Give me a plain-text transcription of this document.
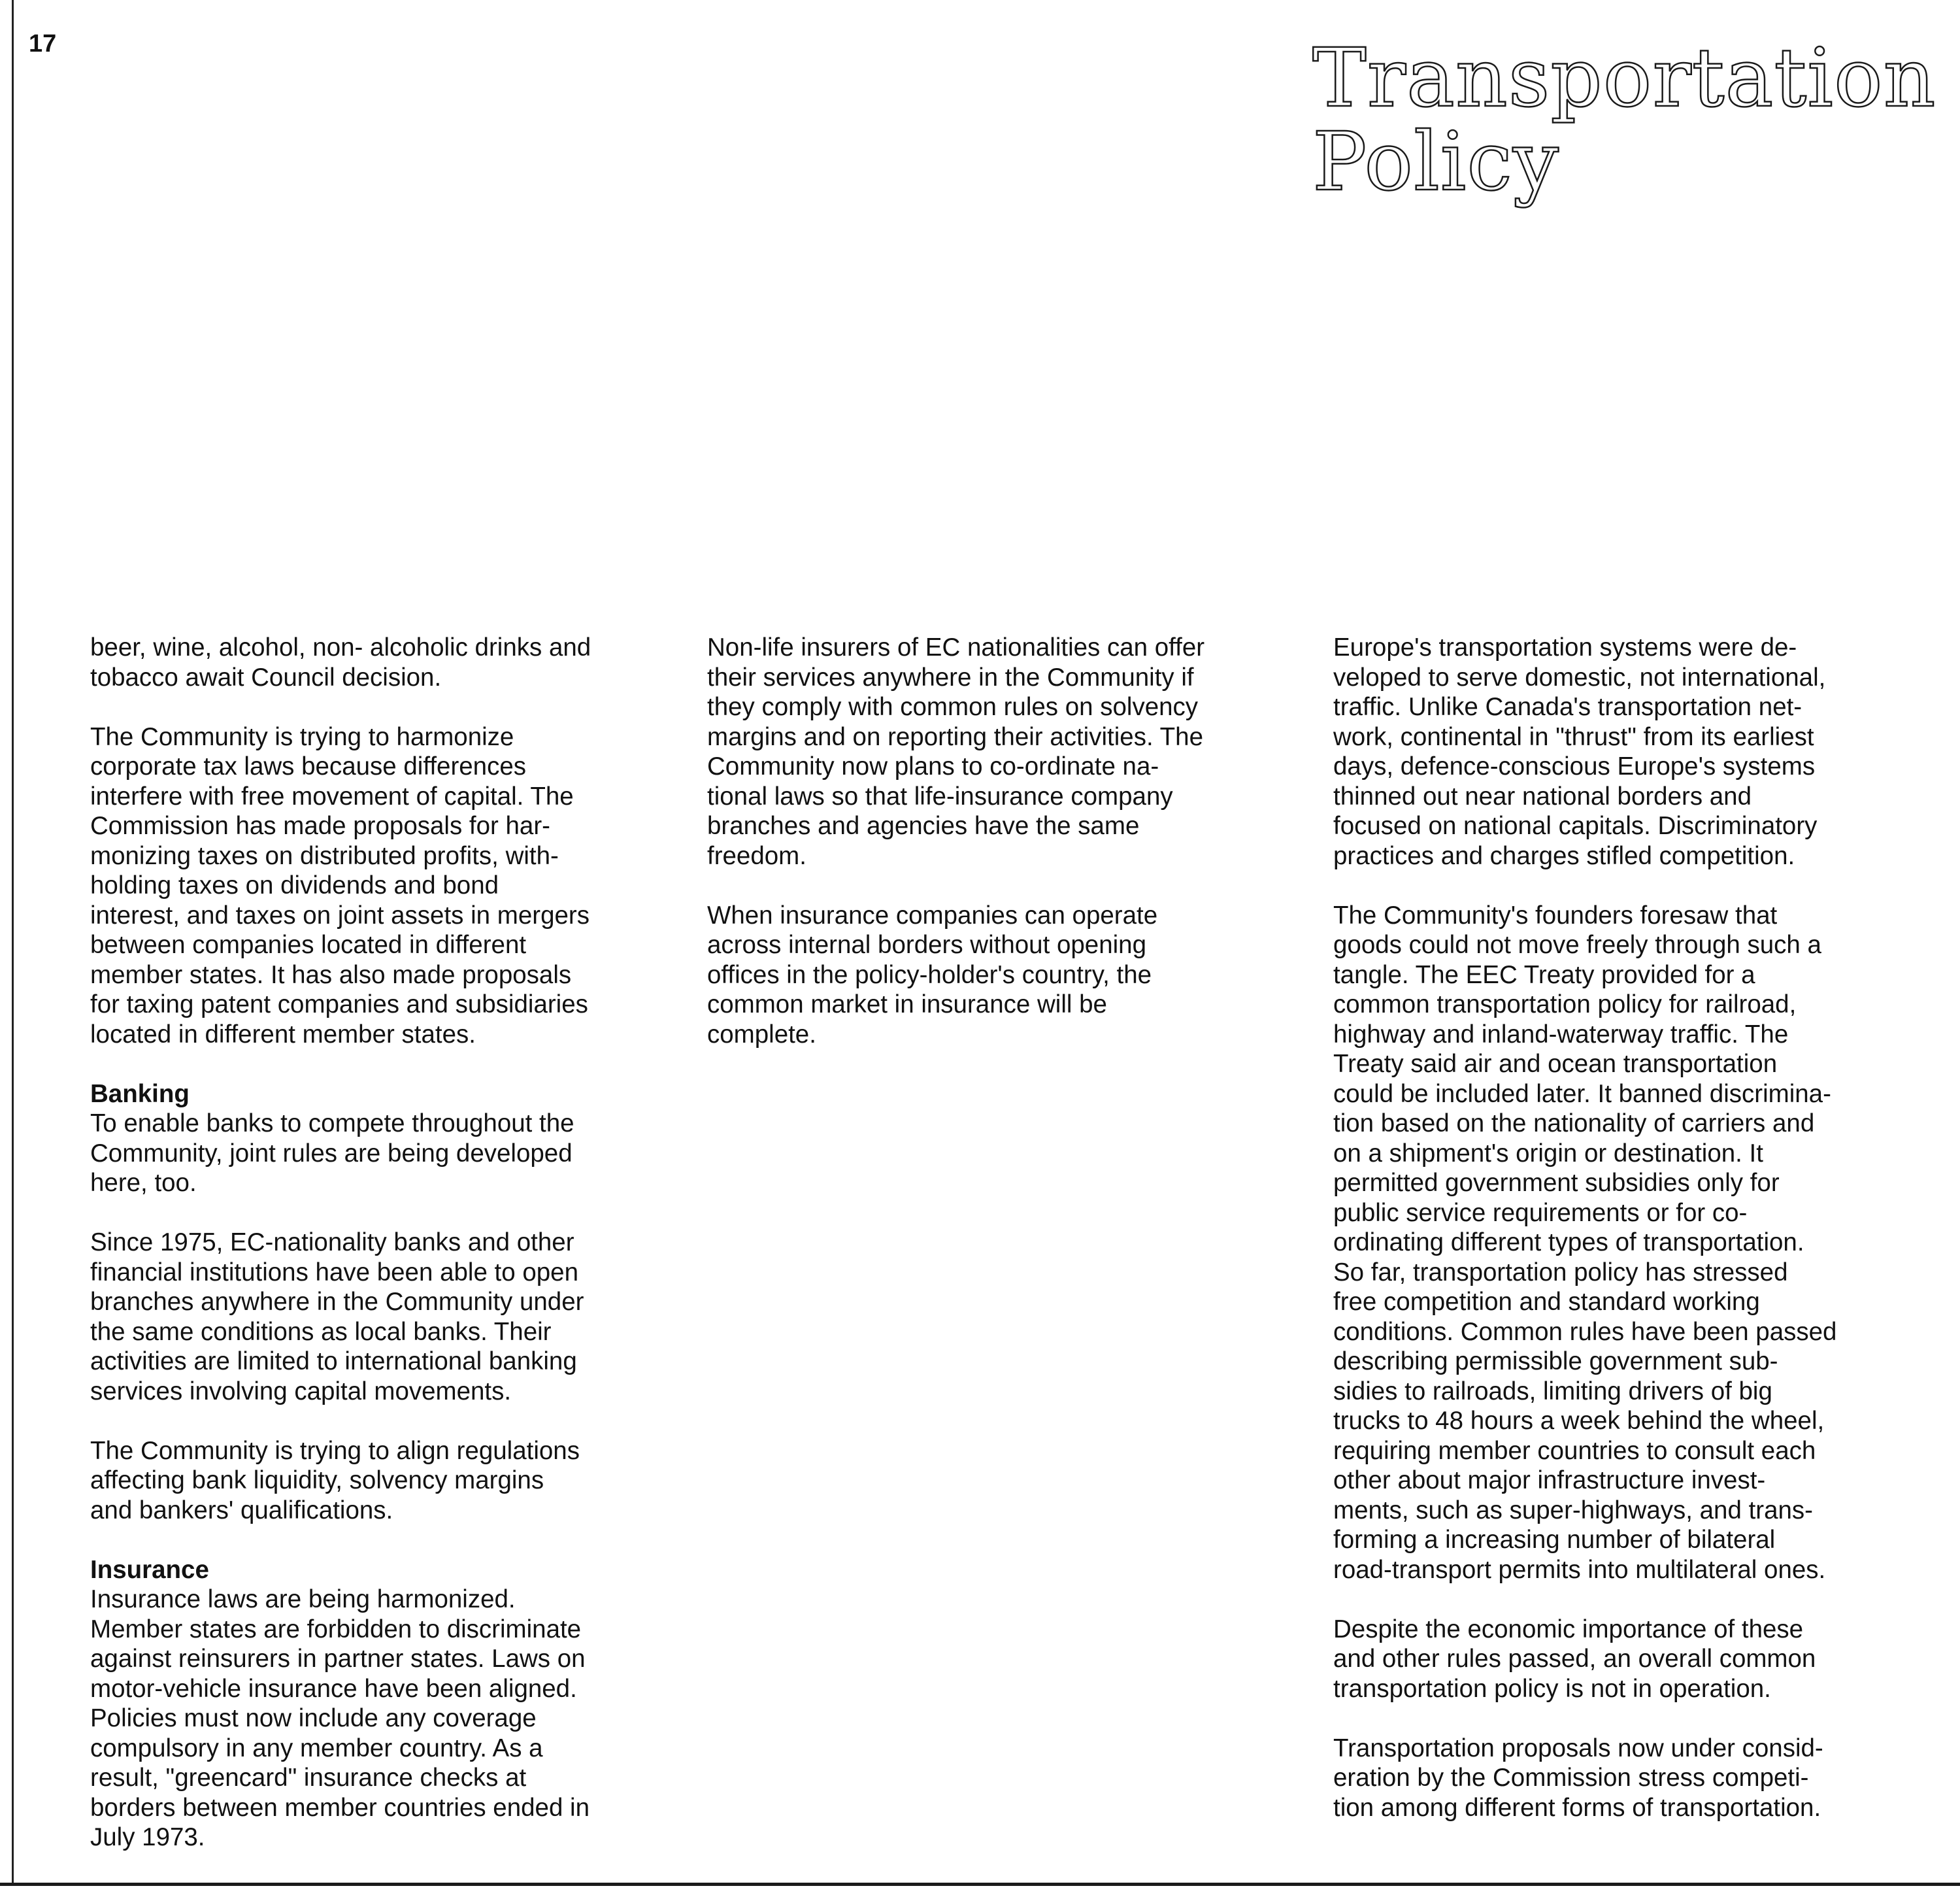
17	Transportation
Policy

beer, wine, alcohol, non- alcoholic drinks and
tobacco await Council decision.

The Community is trying to harmonize
corporate tax laws because differences
interfere with free movement of capital. The
Commission has made proposals for har-
monizing taxes on distributed profits, with-
holding taxes on dividends and bond
interest, and taxes on joint assets in mergers
between companies located in different
member states. It has also made proposals
for taxing patent companies and subsidiaries
located in different member states.

Banking

To enable banks to compete throughout the
Community, joint rules are being developed
here, too.

Since 1975, EC-nationality banks and other
financial institutions have been able to open
branches anywhere in the Community under
the same conditions as local banks. Their
activities are limited to international banking
services involving capital movements.

The Community is trying to align regulations
affecting bank liquidity, solvency margins
and bankers' qualifications.

Insurance

Insurance laws are being harmonized.
Member states are forbidden to discriminate
against reinsurers in partner states. Laws on
motor-vehicle insurance have been aligned.
Policies must now include any coverage
compulsory in any member country. As a
result, "greencard" insurance checks at
borders between member countries ended in
July 1973.

Non-life insurers of EC nationalities can offer
their services anywhere in the Community if
they comply with common rules on solvency
margins and on reporting their activities. The
Community now plans to co-ordinate na-
tional laws so that life-insurance company
branches and agencies have the same
freedom.

When insurance companies can operate
across internal borders without opening
offices in the policy-holder's country, the
common market in insurance will be
complete.

Europe's transportation systems were de-
veloped to serve domestic, not international,
traffic. Unlike Canada's transportation net-
work, continental in "thrust" from its earliest
days, defence-conscious Europe's systems
thinned out near national borders and
focused on national capitals. Discriminatory
practices and charges stifled competition.

The Community's founders foresaw that
goods could not move freely through such a
tangle. The EEC Treaty provided for a
common transportation policy for railroad,
highway and inland-waterway traffic. The
Treaty said air and ocean transportation
could be included later. It banned discrimina-
tion based on the nationality of carriers and
on a shipment's origin or destination. It
permitted government subsidies only for
public service requirements or for co-
ordinating different types of transportation.
So far, transportation policy has stressed
free competition and standard working
conditions. Common rules have been passed
describing permissible government sub-
sidies to railroads, limiting drivers of big
trucks to 48 hours a week behind the wheel,
requiring member countries to consult each
other about major infrastructure invest-
ments, such as super-highways, and trans-
forming a increasing number of bilateral
road-transport permits into multilateral ones.

Despite the economic importance of these
and other rules passed, an overall common
transportation policy is not in operation.

Transportation proposals now under consid-
eration by the Commission stress competi-
tion among different forms of transportation.
